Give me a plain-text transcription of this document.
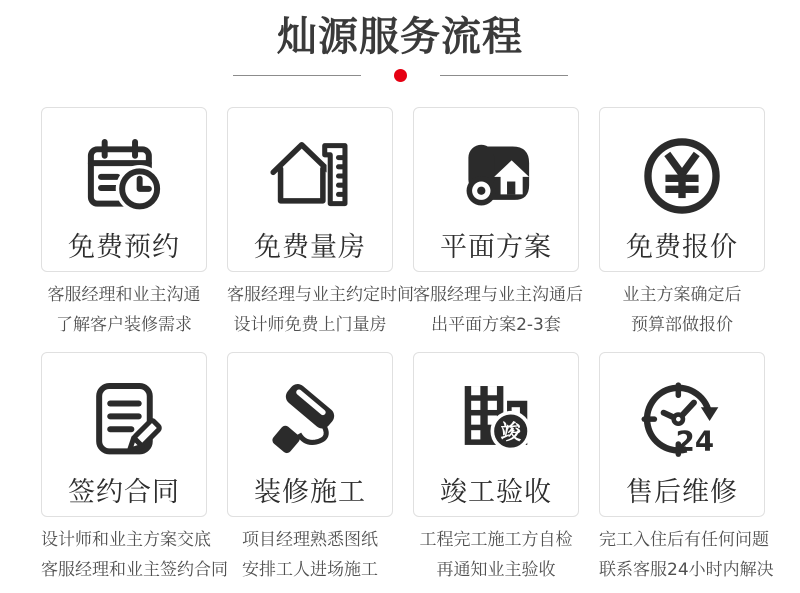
灿源服务流程
免费预约
客服经理和业主沟通
了解客户装修需求
免费量房
客服经理与业主约定时间
设计师免费上门量房
平面方案
客服经理与业主沟通后
出平面方案2-3套
免费报价
业主方案确定后
预算部做报价
签约合同
设计师和业主方案交底
客服经理和业主签约合同
装修施工
项目经理熟悉图纸
安排工人进场施工
竣
竣工验收
工程完工施工方自检
再通知业主验收
24
售后维修
完工入住后有任何问题
联系客服24小时内解决
